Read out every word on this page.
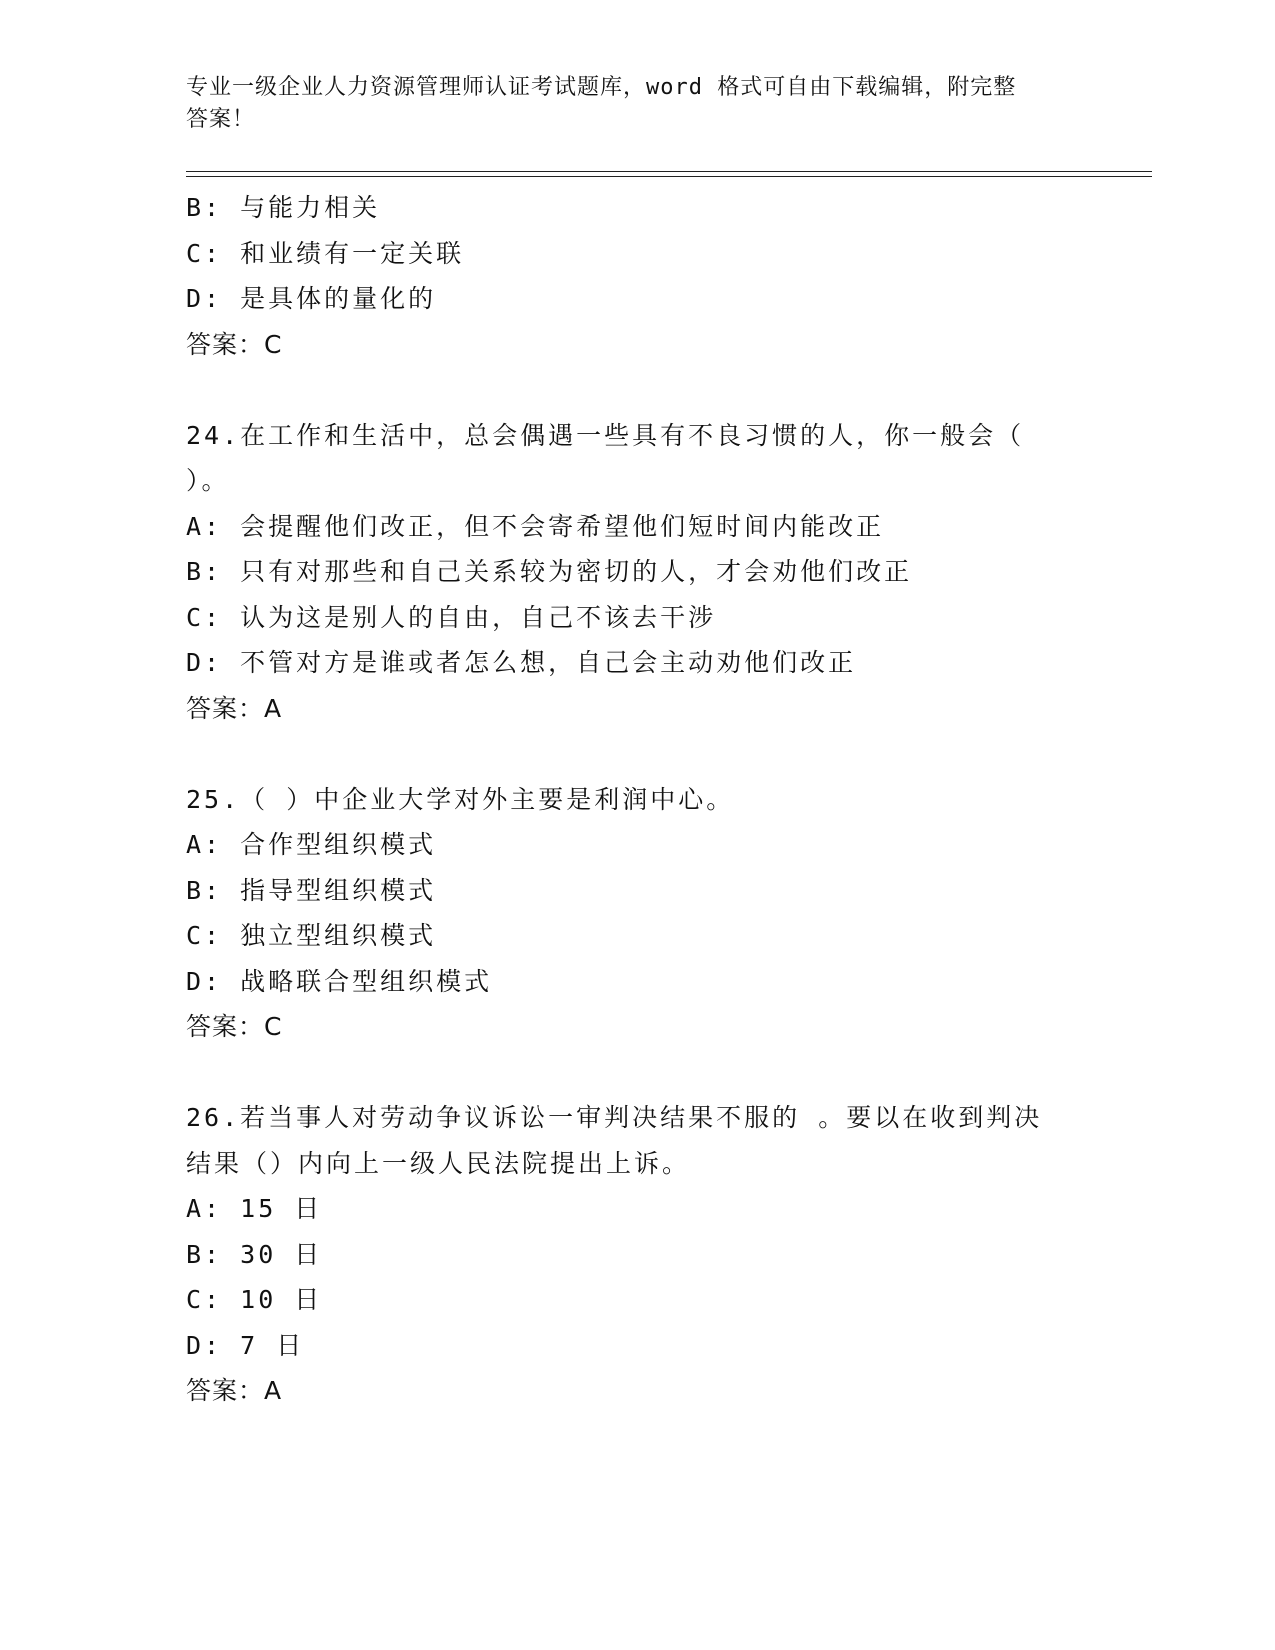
专业一级企业人力资源管理师认证考试题库，word 格式可自由下载编辑，附完整
答案！
B: 与能力相关
C: 和业绩有一定关联
D: 是具体的量化的
答案：C
24.在工作和生活中，总会偶遇一些具有不良习惯的人，你一般会（
）。
A: 会提醒他们改正，但不会寄希望他们短时间内能改正
B: 只有对那些和自己关系较为密切的人，才会劝他们改正
C: 认为这是别人的自由，自己不该去干涉
D: 不管对方是谁或者怎么想，自己会主动劝他们改正
答案：A
25.（ ）中企业大学对外主要是利润中心。
A: 合作型组织模式
B: 指导型组织模式
C: 独立型组织模式
D: 战略联合型组织模式
答案：C
26.若当事人对劳动争议诉讼一审判决结果不服的 。要以在收到判决
结果（）内向上一级人民法院提出上诉。
A: 15 日
B: 30 日
C: 10 日
D: 7 日
答案：A
